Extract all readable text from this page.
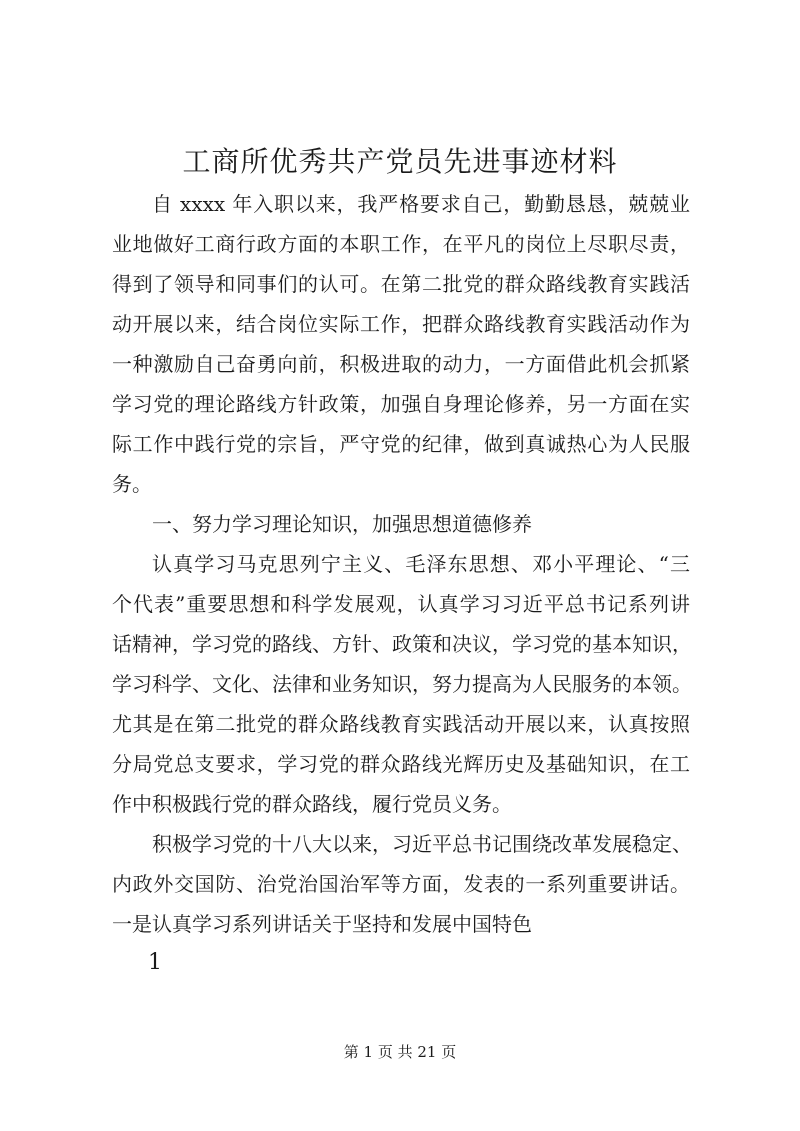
工商所优秀共产党员先进事迹材料
自 xxxx 年入职以来，我严格要求自己，勤勤恳恳，兢兢业
业地做好工商行政方面的本职工作，在平凡的岗位上尽职尽责，
得到了领导和同事们的认可。在第二批党的群众路线教育实践活
动开展以来，结合岗位实际工作，把群众路线教育实践活动作为
一种激励自己奋勇向前，积极进取的动力，一方面借此机会抓紧
学习党的理论路线方针政策，加强自身理论修养，另一方面在实
际工作中践行党的宗旨，严守党的纪律，做到真诚热心为人民服
务。
一、努力学习理论知识，加强思想道德修养
认真学习马克思列宁主义、毛泽东思想、邓小平理论、“三
个代表”重要思想和科学发展观，认真学习习近平总书记系列讲
话精神，学习党的路线、方针、政策和决议，学习党的基本知识，
学习科学、文化、法律和业务知识，努力提高为人民服务的本领。
尤其是在第二批党的群众路线教育实践活动开展以来，认真按照
分局党总支要求，学习党的群众路线光辉历史及基础知识，在工
作中积极践行党的群众路线，履行党员义务。
积极学习党的十八大以来，习近平总书记围绕改革发展稳定、
内政外交国防、治党治国治军等方面，发表的一系列重要讲话。
一是认真学习系列讲话关于坚持和发展中国特色

1

第 1 页 共 21 页
